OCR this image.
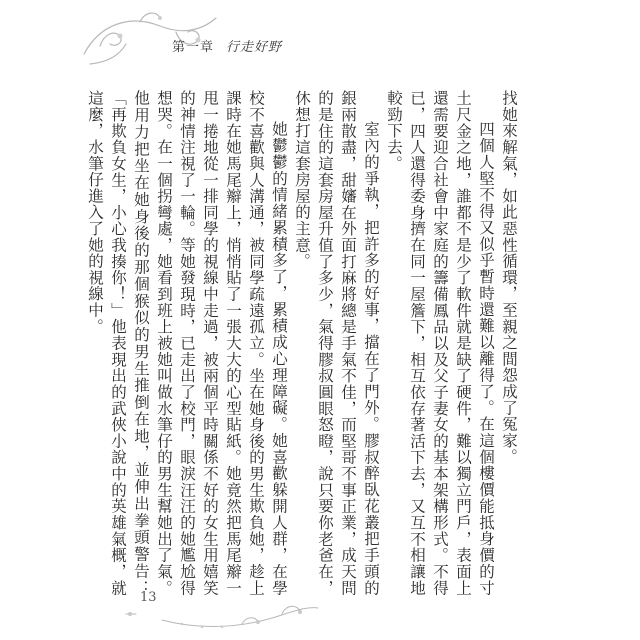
第一章 行走好野

找她來解氣，如此惡性循環，至親之間怨成了冤家。

四個人堅不得又似乎暫時還難以離得了。在這個樓價能抵身價的寸土尺金之地，誰都不是少了軟件就是缺了硬件，難以獨立門戶，表面上還需要迎合社會中家庭的籌備鳳品以及父子妻女的基本架構形式。不得已，四人還得委身擠在同一屋簷下，相互依存著活下去，又互不相讓地較勁下去。

室內的爭執，把許多的好事，擋在了門外。膠叔醉臥花叢把手頭的銀兩散盡，甜嬸在外面打麻將總是手氣不佳，而堅哥不事正業，成天問的是住的這套房屋升值了多少，氣得膠叔圓眼怒瞪，說只要你老爸在，休想打這套房屋的主意。

她鬱鬱的情緒累積多了，累積成心理障礙。她喜歡躲開人群，在學校不喜歡與人溝通，被同學疏遠孤立。坐在她身後的男生欺負她，趁上課時在她馬尾辮上，悄悄貼了一張大大的心型貼紙。她竟然把馬尾辮一甩一捲地從一排同學的視線中走過，被兩個平時關係不好的女生用嬉笑的神情注視了一輪。等她發現時，已走出了校門，眼淚汪汪的她尷尬得想哭。在一個拐彎處，她看到班上被她叫做水筆仔的男生幫她出了氣。他用力把坐在她身後的那個猴似的男生推倒在地，並伸出拳頭警告：「再欺負女生，小心我揍你！」他表現出的武俠小說中的英雄氣概，就這麼，水筆仔進入了她的視線中。

13
